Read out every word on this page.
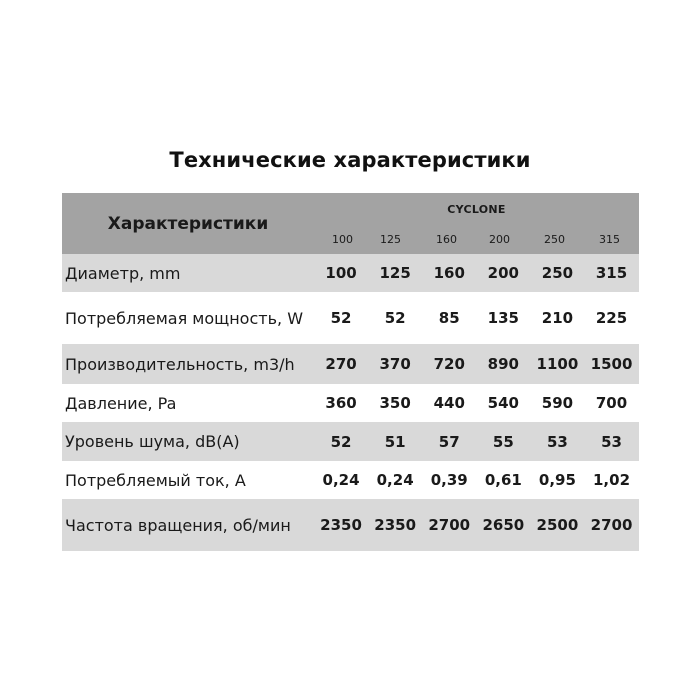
Технические характеристики
Характеристики
CYCLONE
100	125	160	200	250	315
Диаметр, mm	100	125	160	200	250	315
Потребляемая мощность, W	52	52	85	135	210	225
Производительность, m3/h	270	370	720	890	1100 1500
Давление, Pa	360	350	440	540	590	700
Уровень шума, dB(A)	52	51	57	55	53	53
Потребляемый ток, A	0,24	0,24	0,39	0,61	0,95	1,02
Частота вращения, об/мин	2350 2350 2700 2650 2500 2700
